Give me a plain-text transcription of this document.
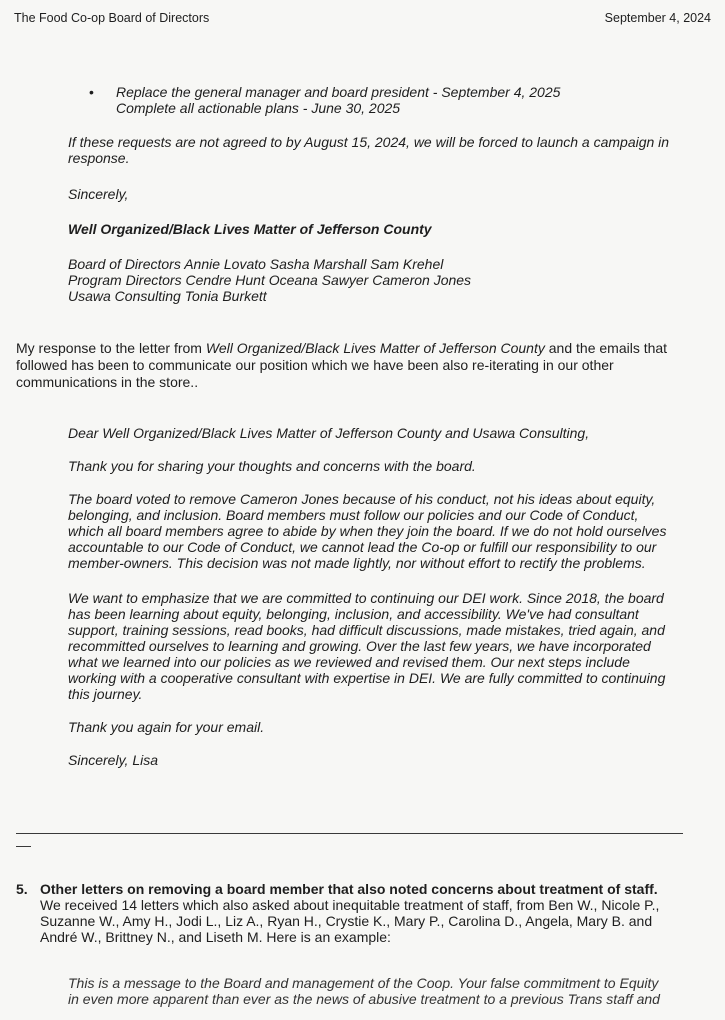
The Food Co-op Board of Directors	September 4, 2024
• Replace the general manager and board president - September 4, 2025
Complete all actionable plans - June 30, 2025
If these requests are not agreed to by August 15, 2024, we will be forced to launch a campaign in
response.
Sincerely,
Well Organized/Black Lives Matter of Jefferson County
Board of Directors Annie Lovato Sasha Marshall Sam Krehel
Program Directors Cendre Hunt Oceana Sawyer Cameron Jones
Usawa Consulting Tonia Burkett
My response to the letter from Well Organized/Black Lives Matter of Jefferson County and the emails that
followed has been to communicate our position which we have been also re-iterating in our other
communications in the store..
Dear Well Organized/Black Lives Matter of Jefferson County and Usawa Consulting,
Thank you for sharing your thoughts and concerns with the board.
The board voted to remove Cameron Jones because of his conduct, not his ideas about equity,
belonging, and inclusion. Board members must follow our policies and our Code of Conduct,
which all board members agree to abide by when they join the board. If we do not hold ourselves
accountable to our Code of Conduct, we cannot lead the Co-op or fulfill our responsibility to our
member-owners. This decision was not made lightly, nor without effort to rectify the problems.
We want to emphasize that we are committed to continuing our DEI work. Since 2018, the board
has been learning about equity, belonging, inclusion, and accessibility. We've had consultant
support, training sessions, read books, had difficult discussions, made mistakes, tried again, and
recommitted ourselves to learning and growing. Over the last few years, we have incorporated
what we learned into our policies as we reviewed and revised them. Our next steps include
working with a cooperative consultant with expertise in DEI. We are fully committed to continuing
this journey.
Thank you again for your email.
Sincerely, Lisa
5. Other letters on removing a board member that also noted concerns about treatment of staff.
We received 14 letters which also asked about inequitable treatment of staff, from Ben W., Nicole P.,
Suzanne W., Amy H., Jodi L., Liz A., Ryan H., Crystie K., Mary P., Carolina D., Angela, Mary B. and
André W., Brittney N., and Liseth M. Here is an example:
This is a message to the Board and management of the Coop. Your false commitment to Equity
in even more apparent than ever as the news of abusive treatment to a previous Trans staff and
